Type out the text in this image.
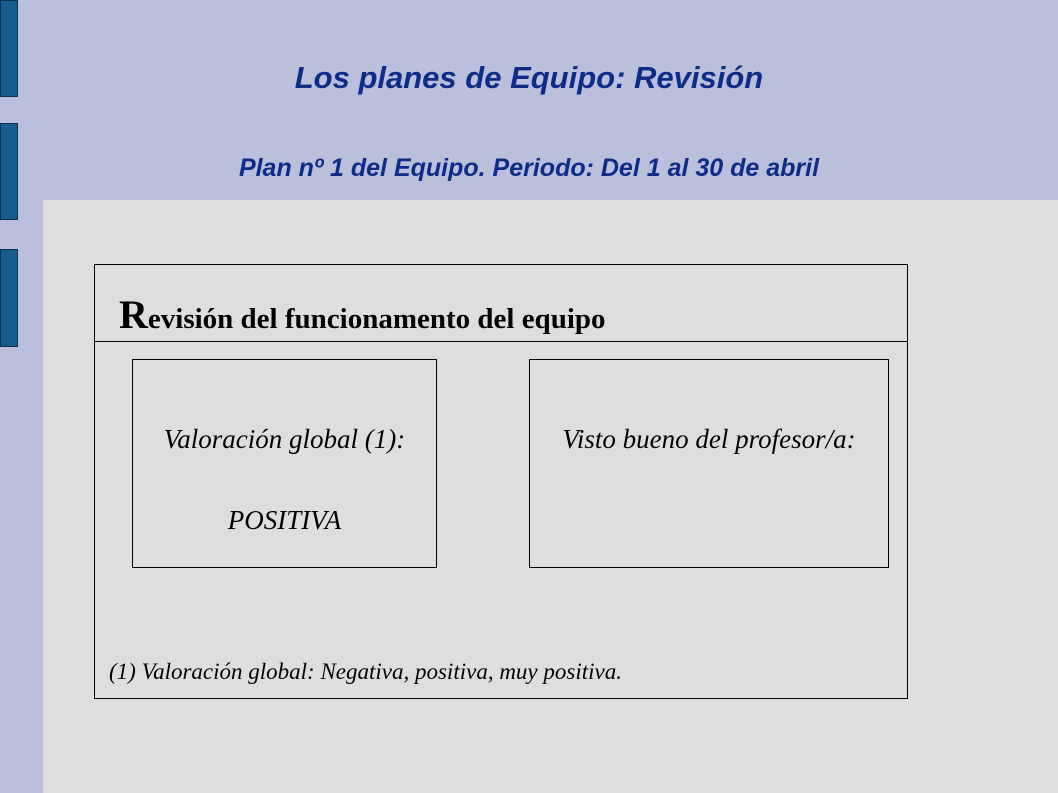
Los planes de Equipo: Revisión
Plan nº 1 del Equipo. Periodo: Del 1 al 30 de abril
Revisión del funcionamento del equipo
Valoración global (1):
POSITIVA
Visto bueno del profesor/a:
(1) Valoración global: Negativa, positiva, muy positiva.
